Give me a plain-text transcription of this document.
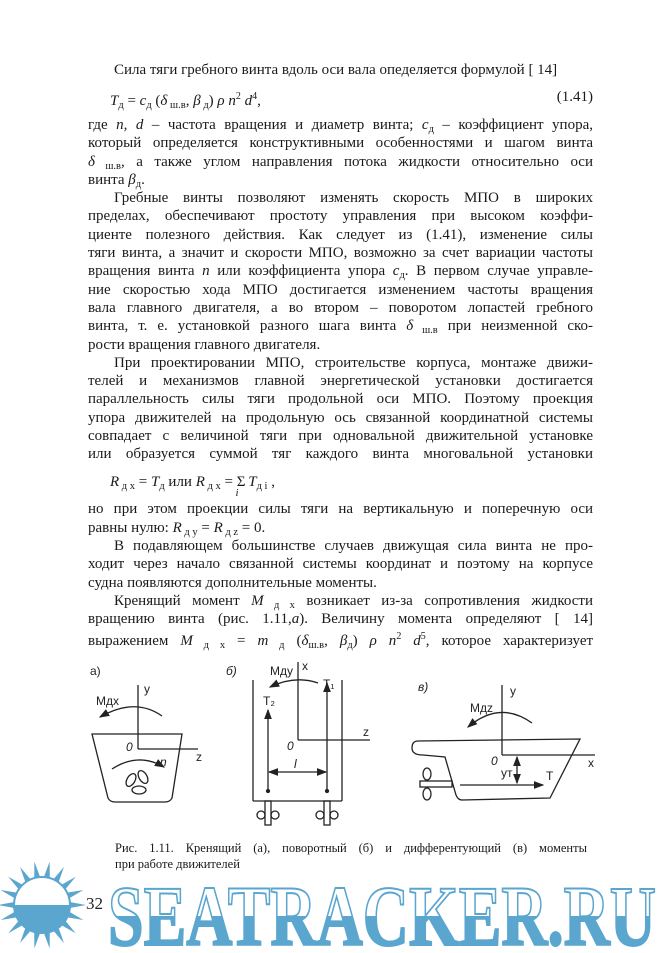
Сила тяги гребного винта вдоль оси вала опеделяется формулой [ 14]
$T_д = c_д$ (δ $_{ш.в}$, β $_д$) ρ $n^2$ $d^4$,	(1.41)
где n, d – частота вращения и диаметр винта; $c_д$ – коэффициент упора,
который определяется конструктивными особенностями и шагом винта
δ $_{ш.в}$, а также углом направления потока жидкости относительно оси
винта $\beta_д$.
Гребные винты позволяют изменять скорость МПО в широких
пределах, обеспечивают простоту управления при высоком коэффи-
циенте полезного действия. Как следует из (1.41), изменение силы
тяги винта, а значит и скорости МПО, возможно за счет вариации частоты
вращения винта n или коэффициента упора $c_д$. В первом случае управле-
ние скоростью хода МПО достигается изменением частоты вращения
вала главного двигателя, а во втором – поворотом лопастей гребного
винта, т. е. установкой разного шага винта δ $_{ш.в}$ при неизменной ско-
рости вращения главного двигателя.
При проектировании МПО, строительстве корпуса, монтаже движи-
телей и механизмов главной энергетической установки достигается
параллельность силы тяги продольной оси МПО. Поэтому проекция
упора движителей на продольную ось связанной координатной системы
совпадает с величиной тяги при одновальной движительной установке
или образуется суммой тяг каждого винта многовальной установки
R $_{д x} = T_д$ или R $_{д x} = \Sigma_i$ $T_{д i}$ ,
но при этом проекции силы тяги на вертикальную и поперечную оси
равны нулю: R $_{д y}$ = R $_{д z}$ = 0.
В подавляющем большинстве случаев движущая сила винта не про-
ходит через начало связанной системы координат и поэтому на корпусе
судна появляются дополнительные моменты.
Кренящий момент M $_{д x}$ возникает из-за сопротивления жидкости
вращению винта (рис. 1.11,а). Величину момента определяют [ 14]
выражением M $_{д x}$ = m $_д$ ($\delta_{ш.в}$, $\beta_д$) ρ $n^2$ $d^5$, которое характеризует
а)
y
Mдx
z
0
n
б)	x
z
0
Mдy
T₁
T₂
l
в)	y
Mдz
x
0
yт	T
Рис. 1.11. Кренящий (а), поворотный (б) и дифферентующий (в) моменты
при работе движителей
SEATRACKER.RU
32
